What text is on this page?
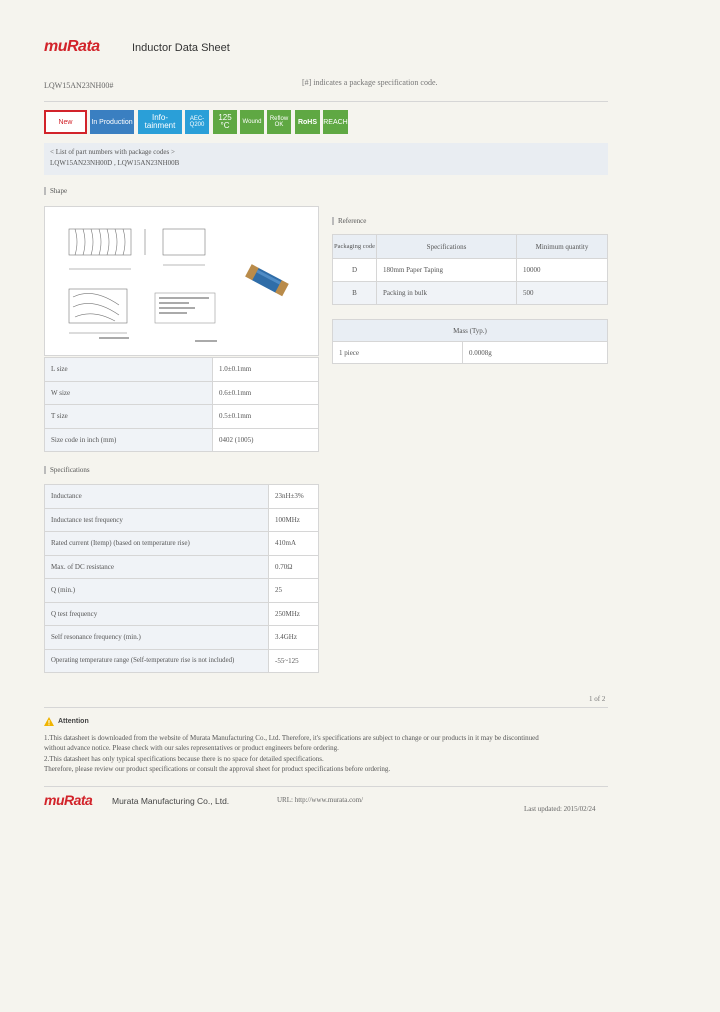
muRata	Inductor Data Sheet
LQW15AN23NH00#	[#] indicates a package specification code.
New	In Production	Info-tainment
AEC-Q200
125 °C	Wound	Reflow OK	RoHS REACH
< List of part numbers with package codes >
LQW15AN23NH00D , LQW15AN23NH00B
Shape
L size	1.0±0.1mm
W size	0.6±0.1mm
T size	0.5±0.1mm
Size code in inch (mm)	0402 (1005)
Reference
Packaging code	Specifications	Minimum quantity
D	180mm Paper Taping	10000
B	Packing in bulk	500
Mass (Typ.)
1 piece	0.0008g
Specifications
Inductance	23nH±3%
Inductance test frequency	100MHz
Rated current (Itemp) (based on temperature rise)	410mA
Max. of DC resistance	0.70Ω
Q (min.)	25
Q test frequency	250MHz
Self resonance frequency (min.)	3.4GHz
Operating temperature range (Self-temperature rise is not included)	-55~125
1 of 2
Attention
1.This datasheet is downloaded from the website of Murata Manufacturing Co., Ltd. Therefore, it's specifications are subject to change or our products in it may be discontinued
without advance notice. Please check with our sales representatives or product engineers before ordering.
2.This datasheet has only typical specifications because there is no space for detailed specifications.
Therefore, please review our product specifications or consult the approval sheet for product specifications before ordering.
muRata Murata Manufacturing Co., Ltd.	URL: http://www.murata.com/
Last updated: 2015/02/24
